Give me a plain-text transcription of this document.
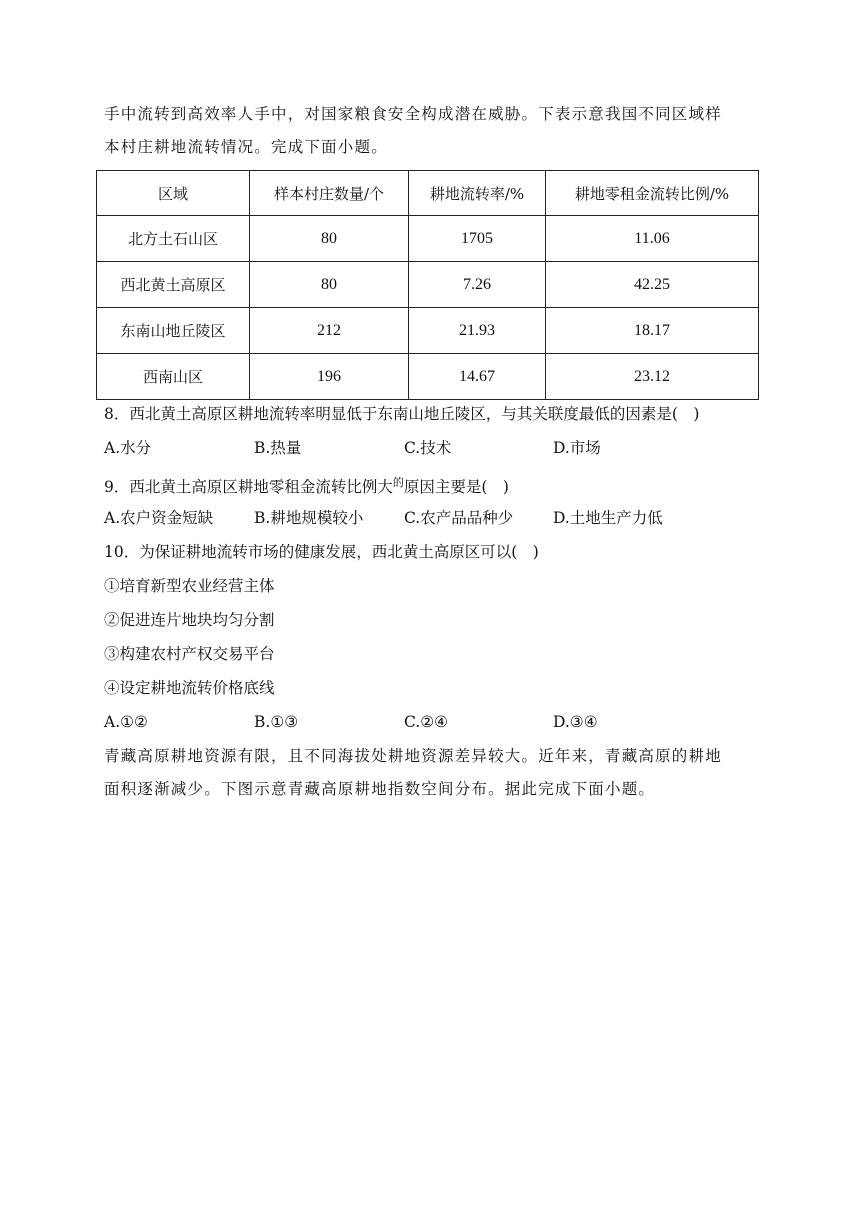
手中流转到高效率人手中，对国家粮食安全构成潜在威胁。下表示意我国不同区域样
本村庄耕地流转情况。完成下面小题。
区域	样本村庄数量/个	耕地流转率/%	耕地零租金流转比例/%
北方土石山区	80	1705	11.06
西北黄土高原区	80	7.26	42.25
东南山地丘陵区	212	21.93	18.17
西南山区	196	14.67	23.12
8．西北黄土高原区耕地流转率明显低于东南山地丘陵区，与其关联度最低的因素是(　)
A.水分	B.热量	C.技术	D.市场
9．西北黄土高原区耕地零租金流转比例大$^的$原因主要是(　)
A.农户资金短缺	B.耕地规模较小	C.农产品品种少	D.土地生产力低
10．为保证耕地流转市场的健康发展，西北黄土高原区可以(　)
①培育新型农业经营主体
②促进连片地块均匀分割
③构建农村产权交易平台
④设定耕地流转价格底线
A.①②	B.①③	C.②④	D.③④
青藏高原耕地资源有限，且不同海拔处耕地资源差异较大。近年来，青藏高原的耕地
面积逐渐减少。下图示意青藏高原耕地指数空间分布。据此完成下面小题。
